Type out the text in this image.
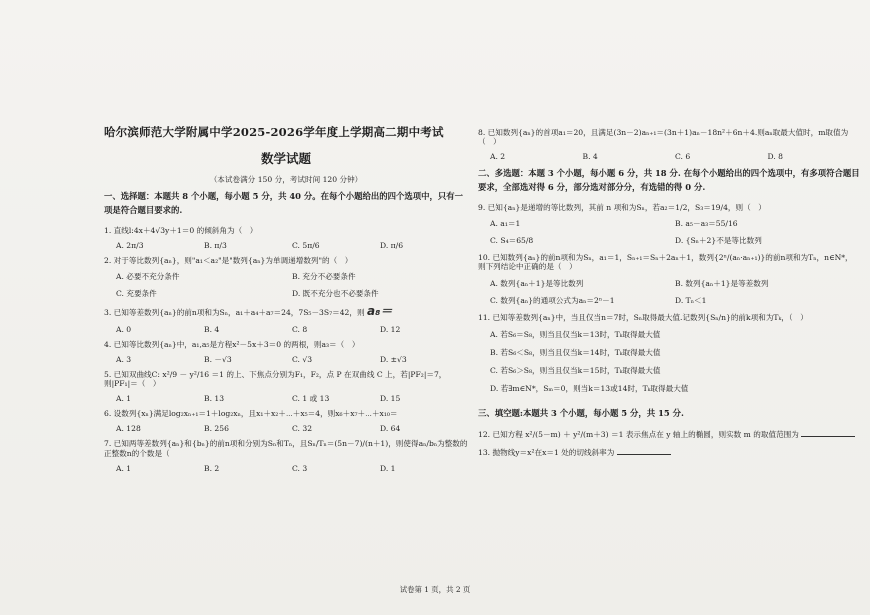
哈尔滨师范大学附属中学2025-2026学年度上学期高二期中考试
数学试题
（本试卷满分 150 分，考试时间 120 分钟）
一、选择题：本题共 8 个小题，每小题 5 分，共 40 分。在每个小题给出的四个选项中，只有一项是符合题目要求的.
1. 直线l:4x＋4√3y＋1＝0 的倾斜角为（　）
A. 2π/3	B. π/3	C. 5π/6	D. π/6
2. 对于等比数列{aₙ}，则"a₁＜a₂"是"数列{aₙ}为单调递增数列"的（　）
A. 必要不充分条件	B. 充分不必要条件
C. 充要条件	D. 既不充分也不必要条件
3. 已知等差数列{aₙ}的前n项和为Sₙ，a₁＋a₄＋a₇＝24，7S₅－3S₇＝42，则 a₈＝
A. 0	B. 4	C. 8	D. 12
4. 已知等比数列{aₙ}中，a₁,a₅是方程x²－5x＋3＝0 的两根，则a₃＝（　）
A. 3	B. －√3	C. √3	D. ±√3
5. 已知双曲线C: x²/9 － y²/16 ＝1 的上、下焦点分别为F₁，F₂，点 P 在双曲线 C 上，若|PF₂|＝7，则|PF₁|＝（　）
A. 1	B. 13	C. 1 或 13	D. 15
6. 设数列{xₙ}满足log₂xₙ₊₁＝1＋log₂xₙ，且x₁＋x₂＋⋯＋x₅＝4，则x₆＋x₇＋⋯＋x₁₀＝
A. 128	B. 256	C. 32	D. 64
7. 已知两等差数列{aₙ}和{bₙ}的前n项和分别为Sₙ和Tₙ，且Sₙ/Tₙ＝(5n－7)/(n＋1)，则使得aₙ/bₙ为整数的正整数n的个数是（
A. 1	B. 2	C. 3	D. 1
8. 已知数列{aₙ}的首项a₁＝20，且满足(3n－2)aₙ₊₁＝(3n＋1)aₙ－18n²＋6n＋4.则aₙ取最大值时，m取值为（　）
A. 2	B. 4	C. 6	D. 8
二、多选题：本题 3 个小题，每小题 6 分，共 18 分. 在每个小题给出的四个选项中，有多项符合题目要求，全部选对得 6 分，部分选对部分分，有选错的得 0 分.
9. 已知{aₙ}是递增的等比数列，其前 n 项和为Sₙ，若a₂＝1/2，S₃＝19/4，则（　）
A. a₁＝1	B. a₅－a₃＝55/16
C. S₄＝65/8	D. {Sₙ＋2}不是等比数列
10. 已知数列{aₙ}的前n项和为Sₙ，a₁＝1，Sₙ₊₁＝Sₙ＋2aₙ＋1，数列{2ⁿ/(aₙ·aₙ₊₁)}的前n项和为Tₙ，n∈N*，则下列结论中正确的是（　）
A. 数列{aₙ＋1}是等比数列	B. 数列{aₙ＋1}是等差数列
C. 数列{aₙ}的通项公式为aₙ＝2ⁿ－1	D. Tₙ＜1
11. 已知等差数列{aₙ}中，当且仅当n＝7时，Sₙ取得最大值.记数列{Sₙ/n}的前k项和为Tₖ，（　）
A. 若S₆＝S₈，则当且仅当k＝13时，Tₖ取得最大值
B. 若S₆＜S₈，则当且仅当k＝14时，Tₖ取得最大值
C. 若S₆＞S₈，则当且仅当k＝15时，Tₖ取得最大值
D. 若∃m∈N*，Sₘ＝0，则当k＝13或14时，Tₖ取得最大值
三、填空题:本题共 3 个小题，每小题 5 分，共 15 分.
12. 已知方程 x²/(5－m) ＋ y²/(m＋3) ＝1 表示焦点在 y 轴上的椭圆，则实数 m 的取值范围为
13. 抛物线y＝x²在x＝1 处的切线斜率为
试卷第 1 页，共 2 页
